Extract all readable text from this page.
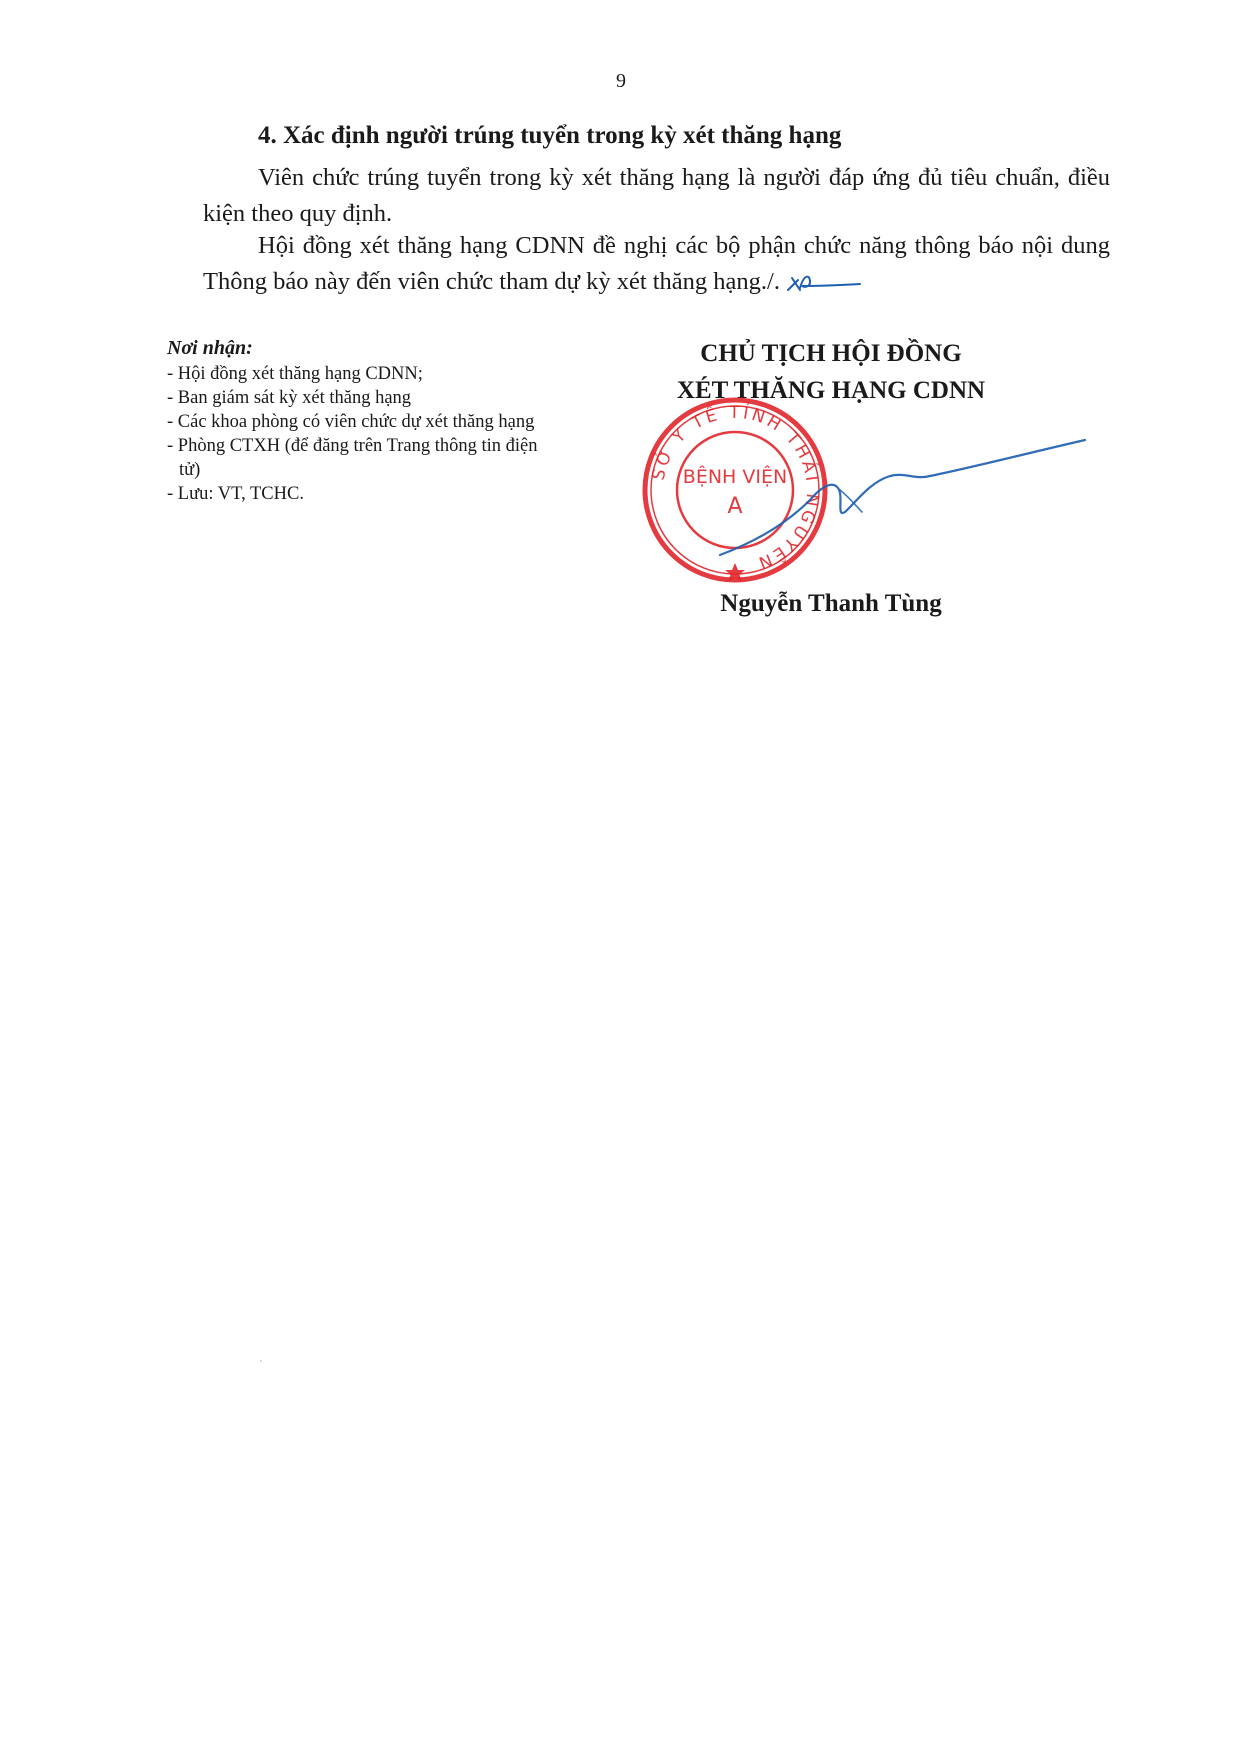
9
4. Xác định người trúng tuyển trong kỳ xét thăng hạng

Viên chức trúng tuyển trong kỳ xét thăng hạng là người đáp ứng đủ tiêu chuẩn, điều kiện theo quy định.

Hội đồng xét thăng hạng CDNN đề nghị các bộ phận chức năng thông báo nội dung Thông báo này đến viên chức tham dự kỳ xét thăng hạng./.

Nơi nhận:
- Hội đồng xét thăng hạng CDNN;
- Ban giám sát kỳ xét thăng hạng
- Các khoa phòng có viên chức dự xét thăng hạng
- Phòng CTXH (để đăng trên Trang thông tin điện tử)
- Lưu: VT, TCHC.
CHỦ TỊCH HỘI ĐỒNG
XÉT THĂNG HẠNG CDNN
SỞ Y TẾ TỈNH THÁI NGUYÊN
BỆNH VIỆN
A
Nguyễn Thanh Tùng
